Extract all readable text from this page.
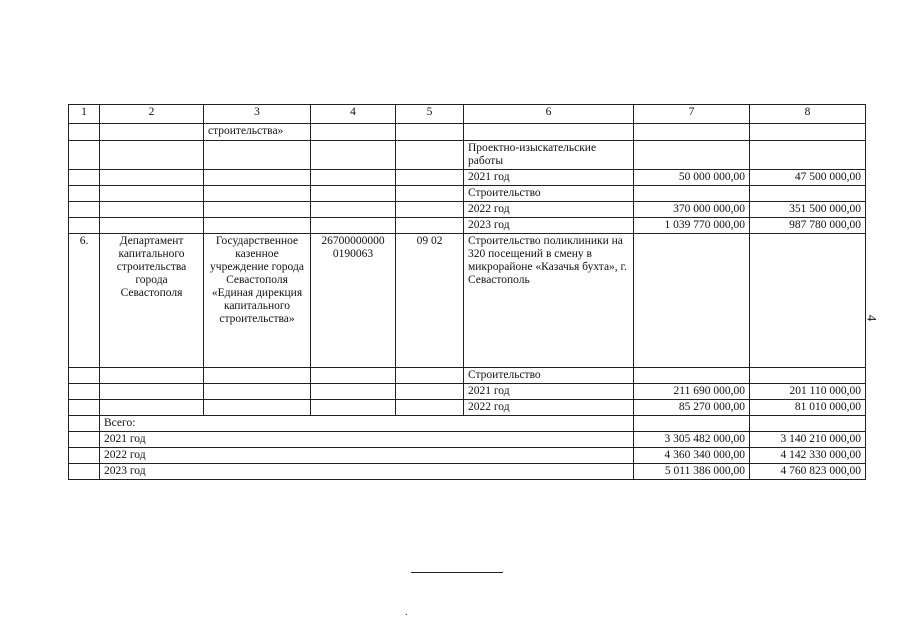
1	2	3	4	5	6	7	8
		строительства»					
					Проектно-изыскательские работы		
					2021 год	50 000 000,00	47 500 000,00
					Строительство		
					2022 год	370 000 000,00	351 500 000,00
					2023 год	1 039 770 000,00	987 780 000,00
6.	Департамент капитального строительства города Севастополя	Государственное казенное учреждение города Севастополя «Единая дирекция капитального строительства»	26700000000 0190063	09 02	Строительство поликлиники на 320 посещений в смену в микрорайоне «Казачья бухта», г. Севастополь		
					Строительство		
					2021 год	211 690 000,00	201 110 000,00
					2022 год	85 270 000,00	81 010 000,00
	Всего:						
	2021 год					3 305 482 000,00	3 140 210 000,00
	2022 год					4 360 340 000,00	4 142 330 000,00
	2023 год					5 011 386 000,00	4 760 823 000,00
4
.
